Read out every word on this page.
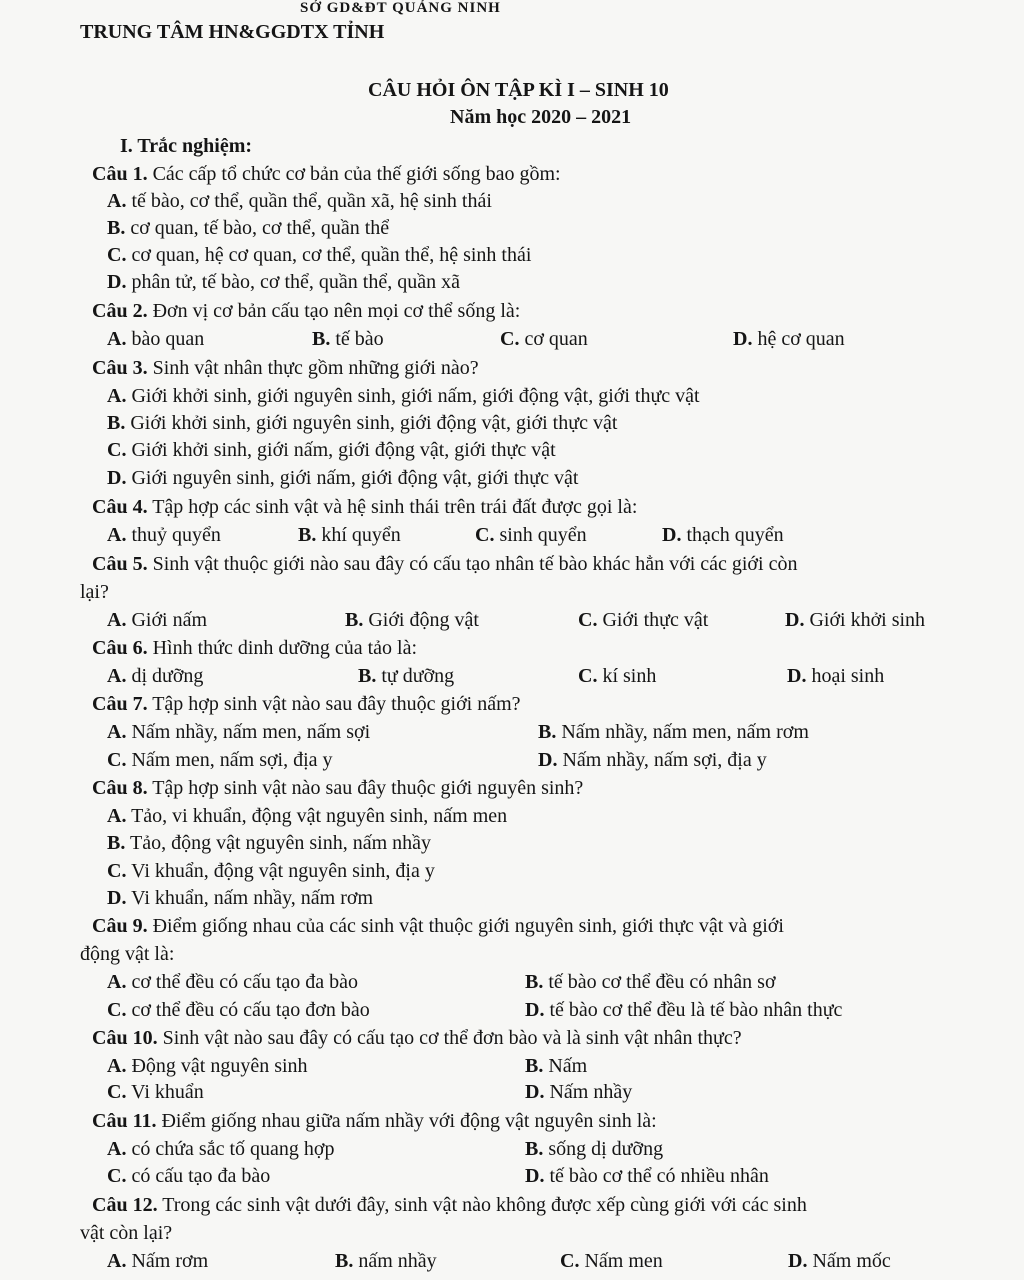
SỞ GD&ĐT QUẢNG NINH
TRUNG TÂM HN&GGDTX TỈNH
CÂU HỎI ÔN TẬP KÌ I – SINH 10
Năm học 2020 – 2021
I. Trắc nghiệm:
Câu 1. Các cấp tổ chức cơ bản của thế giới sống bao gồm:
A. tế bào, cơ thể, quần thể, quần xã, hệ sinh thái
B. cơ quan, tế bào, cơ thể, quần thể
C. cơ quan, hệ cơ quan, cơ thể, quần thể, hệ sinh thái
D. phân tử, tế bào, cơ thể, quần thể, quần xã
Câu 2. Đơn vị cơ bản cấu tạo nên mọi cơ thể sống là:
A. bào quan	B. tế bào	C. cơ quan	D. hệ cơ quan
Câu 3. Sinh vật nhân thực gồm những giới nào?
A. Giới khởi sinh, giới nguyên sinh, giới nấm, giới động vật, giới thực vật
B. Giới khởi sinh, giới nguyên sinh, giới động vật, giới thực vật
C. Giới khởi sinh, giới nấm, giới động vật, giới thực vật
D. Giới nguyên sinh, giới nấm, giới động vật, giới thực vật
Câu 4. Tập hợp các sinh vật và hệ sinh thái trên trái đất được gọi là:
A. thuỷ quyển	B. khí quyển	C. sinh quyển	D. thạch quyển
Câu 5. Sinh vật thuộc giới nào sau đây có cấu tạo nhân tế bào khác hẳn với các giới còn
lại?
A. Giới nấm	B. Giới động vật	C. Giới thực vật	D. Giới khởi sinh
Câu 6. Hình thức dinh dưỡng của tảo là:
A. dị dưỡng	B. tự dưỡng	C. kí sinh	D. hoại sinh
Câu 7. Tập hợp sinh vật nào sau đây thuộc giới nấm?
A. Nấm nhầy, nấm men, nấm sợi	B. Nấm nhầy, nấm men, nấm rơm
C. Nấm men, nấm sợi, địa y	D. Nấm nhầy, nấm sợi, địa y
Câu 8. Tập hợp sinh vật nào sau đây thuộc giới nguyên sinh?
A. Tảo, vi khuẩn, động vật nguyên sinh, nấm men
B. Tảo, động vật nguyên sinh, nấm nhầy
C. Vi khuẩn, động vật nguyên sinh, địa y
D. Vi khuẩn, nấm nhầy, nấm rơm
Câu 9. Điểm giống nhau của các sinh vật thuộc giới nguyên sinh, giới thực vật và giới
động vật là:
A. cơ thể đều có cấu tạo đa bào	B. tế bào cơ thể đều có nhân sơ
C. cơ thể đều có cấu tạo đơn bào	D. tế bào cơ thể đều là tế bào nhân thực
Câu 10. Sinh vật nào sau đây có cấu tạo cơ thể đơn bào và là sinh vật nhân thực?
A. Động vật nguyên sinh	B. Nấm
C. Vi khuẩn	D. Nấm nhầy
Câu 11. Điểm giống nhau giữa nấm nhầy với động vật nguyên sinh là:
A. có chứa sắc tố quang hợp	B. sống dị dưỡng
C. có cấu tạo đa bào	D. tế bào cơ thể có nhiều nhân
Câu 12. Trong các sinh vật dưới đây, sinh vật nào không được xếp cùng giới với các sinh
vật còn lại?
A. Nấm rơm	B. nấm nhầy	C. Nấm men	D. Nấm mốc
